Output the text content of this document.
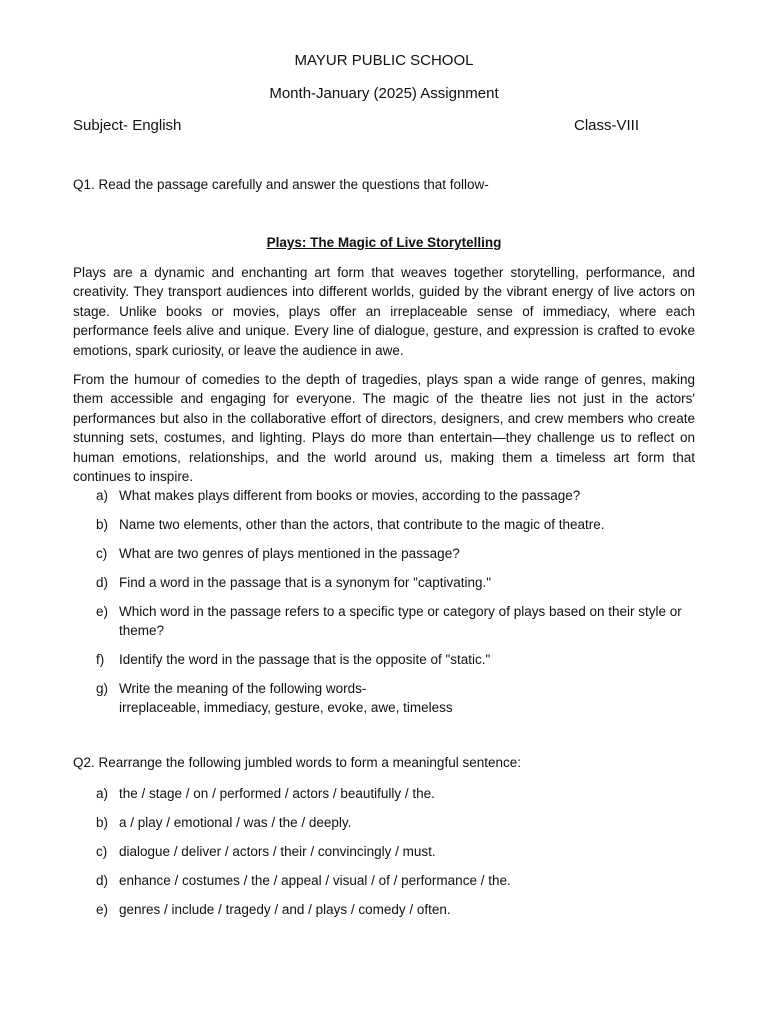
MAYUR PUBLIC SCHOOL
Month-January (2025) Assignment
Subject- English	Class-VIII
Q1. Read the passage carefully and answer the questions that follow-
Plays: The Magic of Live Storytelling

Plays are a dynamic and enchanting art form that weaves together storytelling, performance, and creativity. They transport audiences into different worlds, guided by the vibrant energy of live actors on stage. Unlike books or movies, plays offer an irreplaceable sense of immediacy, where each performance feels alive and unique. Every line of dialogue, gesture, and expression is crafted to evoke emotions, spark curiosity, or leave the audience in awe.

From the humour of comedies to the depth of tragedies, plays span a wide range of genres, making them accessible and engaging for everyone. The magic of the theatre lies not just in the actors' performances but also in the collaborative effort of directors, designers, and crew members who create stunning sets, costumes, and lighting. Plays do more than entertain—they challenge us to reflect on human emotions, relationships, and the world around us, making them a timeless art form that continues to inspire.

a) What makes plays different from books or movies, according to the passage?
b) Name two elements, other than the actors, that contribute to the magic of theatre.
c) What are two genres of plays mentioned in the passage?
d) Find a word in the passage that is a synonym for "captivating."
e) Which word in the passage refers to a specific type or category of plays based on their style or theme?
f) Identify the word in the passage that is the opposite of "static."
g) Write the meaning of the following words-
irreplaceable, immediacy, gesture, evoke, awe, timeless
Q2. Rearrange the following jumbled words to form a meaningful sentence:
a) the / stage / on / performed / actors / beautifully / the.
b) a / play / emotional / was / the / deeply.
c) dialogue / deliver / actors / their / convincingly / must.
d) enhance / costumes / the / appeal / visual / of / performance / the.
e) genres / include / tragedy / and / plays / comedy / often.
